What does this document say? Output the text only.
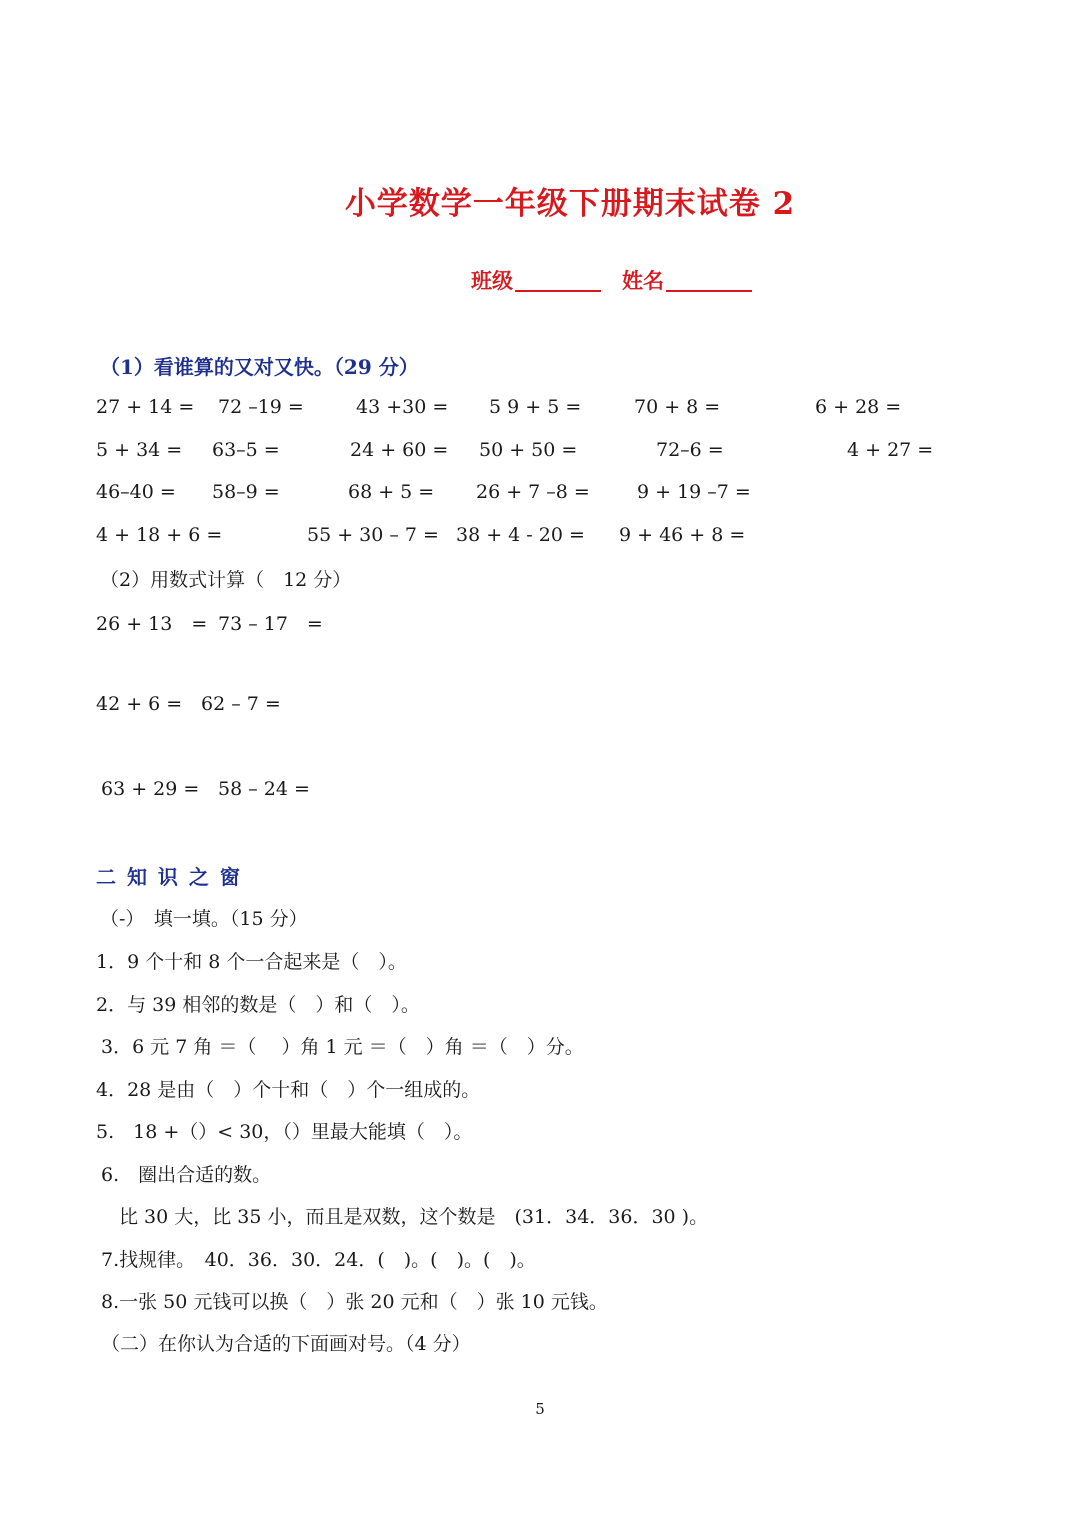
小学数学一年级下册期末试卷 2
班级	姓名
（1）看谁算的又对又快。（29 分）
27 + 14 = 72 –19 =	43 +30 = 5 9 + 5 =	70 + 8 =	6 + 28 =
5 + 34 = 63–5 =	24 + 60 = 50 + 50 =	72–6 =	4 + 27 =
46–40 = 58–9 =	68 + 5 = 26 + 7 –8 = 9 + 19 –7 =
4 + 18 + 6 =	55 + 30 – 7 = 38 + 4 - 20 = 9 + 46 + 8 =
（2）用数式计算（　12 分）
26 + 13　= 73 – 17　=
42 + 6 = 62 – 7 =
63 + 29 = 58 – 24 =
二 知 识 之 窗
（-）　填一填。（15 分）
1．9 个十和 8 个一合起来是（　）。
2．与 39 相邻的数是（　）和（　）。
3．6 元 7 角 ＝（　 ）角 1 元 ＝（　）角 ＝（　）分。
4．28 是由（　）个十和（　）个一组成的。
5.　18 +（）< 30，（）里最大能填（　）。
6.　圈出合适的数。
比 30 大，比 35 小，而且是双数，这个数是　(31．34．36．30 )。
7.找规律。　40．36．30．24．(　)。(　)。(　)。
8.一张 50 元钱可以换（　）张 20 元和（　）张 10 元钱。
（二）在你认为合适的下面画对号。（4 分）
5
